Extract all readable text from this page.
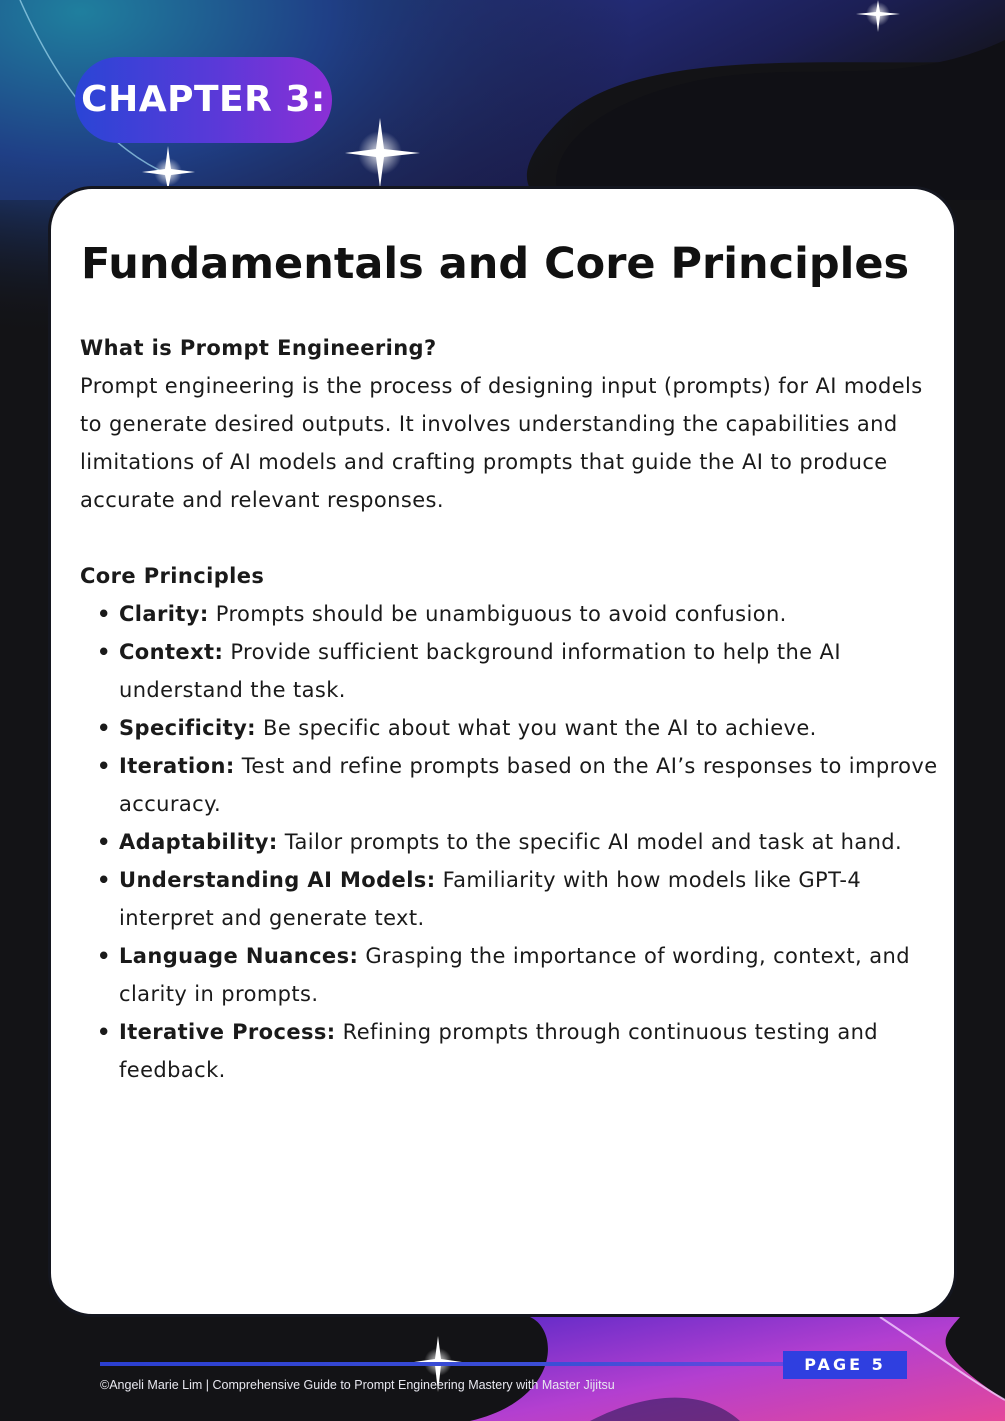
CHAPTER 3:
Fundamentals and Core Principles
What is Prompt Engineering?

Prompt engineering is the process of designing input (prompts) for AI models to generate desired outputs. It involves understanding the capabilities and limitations of AI models and crafting prompts that guide the AI to produce accurate and relevant responses.

Core Principles
• Clarity: Prompts should be unambiguous to avoid confusion.
• Context: Provide sufficient background information to help the AI understand the task.
• Specificity: Be specific about what you want the AI to achieve.
• Iteration: Test and refine prompts based on the AI’s responses to improve accuracy.
• Adaptability: Tailor prompts to the specific AI model and task at hand.
• Understanding AI Models: Familiarity with how models like GPT-4 interpret and generate text.
• Language Nuances: Grasping the importance of wording, context, and clarity in prompts.
• Iterative Process: Refining prompts through continuous testing and feedback.
PAGE 5
©Angeli Marie Lim | Comprehensive Guide to Prompt Engineering Mastery with Master Jijitsu
